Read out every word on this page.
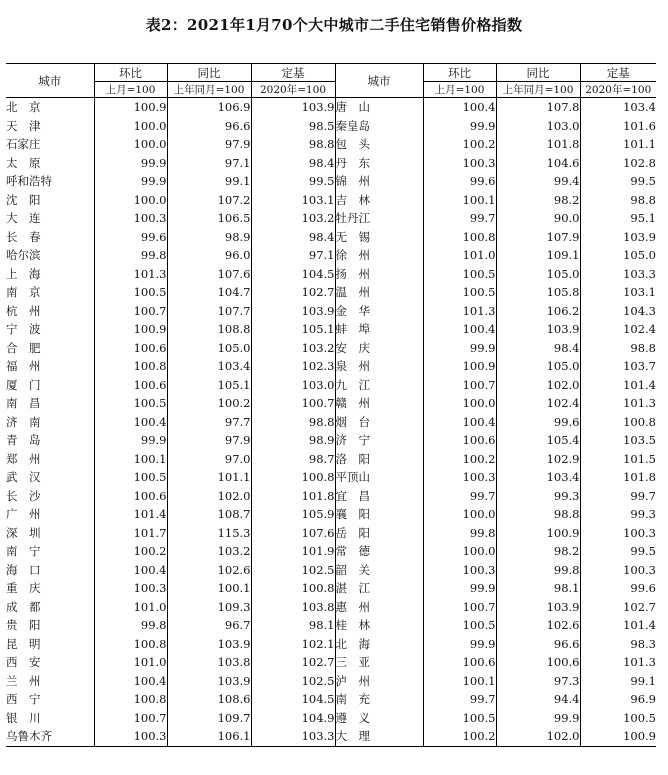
表2：2021年1月70个大中城市二手住宅销售价格指数
城市	环比	同比	定基	城市	环比	同比	定基
	上月=100	上年同月=100	2020年=100		上月=100	上年同月=100	2020年=100
北　京	100.9	106.9	103.9	唐　山	100.4	107.8	103.4
天　津	100.0	96.6	98.5	秦皇岛	99.9	103.0	101.6
石家庄	100.0	97.9	98.8	包　头	100.2	101.8	101.1
太　原	99.9	97.1	98.4	丹　东	100.3	104.6	102.8
呼和浩特	99.9	99.1	99.5	锦　州	99.6	99.4	99.5
沈　阳	100.0	107.2	103.1	吉　林	100.1	98.2	98.8
大　连	100.3	106.5	103.2	牡丹江	99.7	90.0	95.1
长　春	99.6	98.9	98.4	无　锡	100.8	107.9	103.9
哈尔滨	99.8	96.0	97.1	徐　州	101.0	109.1	105.0
上　海	101.3	107.6	104.5	扬　州	100.5	105.0	103.3
南　京	100.5	104.7	102.7	温　州	100.5	105.8	103.1
杭　州	100.7	107.7	103.9	金　华	101.3	106.2	104.3
宁　波	100.9	108.8	105.1	蚌　埠	100.4	103.9	102.4
合　肥	100.6	105.0	103.2	安　庆	99.9	98.4	98.8
福　州	100.8	103.4	102.3	泉　州	100.9	105.0	103.7
厦　门	100.6	105.1	103.0	九　江	100.7	102.0	101.4
南　昌	100.5	100.2	100.7	赣　州	100.0	102.4	101.3
济　南	100.4	97.7	98.8	烟　台	100.4	99.6	100.8
青　岛	99.9	97.9	98.9	济　宁	100.6	105.4	103.5
郑　州	100.1	97.0	98.7	洛　阳	100.2	102.9	101.5
武　汉	100.5	101.1	100.8	平顶山	100.3	103.4	101.8
长　沙	100.6	102.0	101.8	宜　昌	99.7	99.3	99.7
广　州	101.4	108.7	105.9	襄　阳	100.0	98.8	99.3
深　圳	101.7	115.3	107.6	岳　阳	99.8	100.9	100.3
南　宁	100.2	103.2	101.9	常　德	100.0	98.2	99.5
海　口	100.4	102.6	102.5	韶　关	100.3	99.8	100.3
重　庆	100.3	100.1	100.8	湛　江	99.9	98.1	99.6
成　都	101.0	109.3	103.8	惠　州	100.7	103.9	102.7
贵　阳	99.8	96.7	98.1	桂　林	100.5	102.6	101.4
昆　明	100.8	103.9	102.1	北　海	99.9	96.6	98.3
西　安	101.0	103.8	102.7	三　亚	100.6	100.6	101.3
兰　州	100.4	103.9	102.5	泸　州	100.1	97.3	99.1
西　宁	100.8	108.6	104.5	南　充	99.7	94.4	96.9
银　川	100.7	109.7	104.9	遵　义	100.5	99.9	100.5
乌鲁木齐	100.3	106.1	103.3	大　理	100.2	102.0	100.9
